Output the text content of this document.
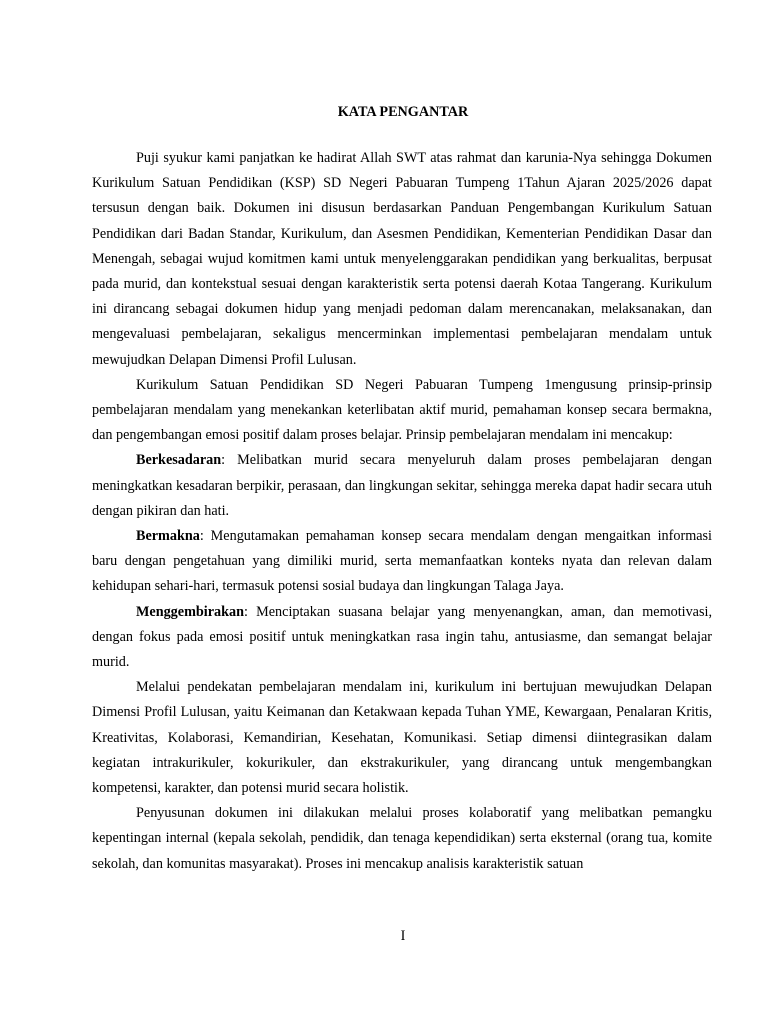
KATA PENGANTAR

Puji syukur kami panjatkan ke hadirat Allah SWT atas rahmat dan karunia-Nya sehingga Dokumen Kurikulum Satuan Pendidikan (KSP) SD Negeri Pabuaran Tumpeng 1Tahun Ajaran 2025/2026 dapat tersusun dengan baik. Dokumen ini disusun berdasarkan Panduan Pengembangan Kurikulum Satuan Pendidikan dari Badan Standar, Kurikulum, dan Asesmen Pendidikan, Kementerian Pendidikan Dasar dan Menengah, sebagai wujud komitmen kami untuk menyelenggarakan pendidikan yang berkualitas, berpusat pada murid, dan kontekstual sesuai dengan karakteristik serta potensi daerah Kotaa Tangerang. Kurikulum ini dirancang sebagai dokumen hidup yang menjadi pedoman dalam merencanakan, melaksanakan, dan mengevaluasi pembelajaran, sekaligus mencerminkan implementasi pembelajaran mendalam untuk mewujudkan Delapan Dimensi Profil Lulusan.

Kurikulum Satuan Pendidikan SD Negeri Pabuaran Tumpeng 1mengusung prinsip-prinsip pembelajaran mendalam yang menekankan keterlibatan aktif murid, pemahaman konsep secara bermakna, dan pengembangan emosi positif dalam proses belajar. Prinsip pembelajaran mendalam ini mencakup:

Berkesadaran: Melibatkan murid secara menyeluruh dalam proses pembelajaran dengan meningkatkan kesadaran berpikir, perasaan, dan lingkungan sekitar, sehingga mereka dapat hadir secara utuh dengan pikiran dan hati.

Bermakna: Mengutamakan pemahaman konsep secara mendalam dengan mengaitkan informasi baru dengan pengetahuan yang dimiliki murid, serta memanfaatkan konteks nyata dan relevan dalam kehidupan sehari-hari, termasuk potensi sosial budaya dan lingkungan Talaga Jaya.

Menggembirakan: Menciptakan suasana belajar yang menyenangkan, aman, dan memotivasi, dengan fokus pada emosi positif untuk meningkatkan rasa ingin tahu, antusiasme, dan semangat belajar murid.

Melalui pendekatan pembelajaran mendalam ini, kurikulum ini bertujuan mewujudkan Delapan Dimensi Profil Lulusan, yaitu Keimanan dan Ketakwaan kepada Tuhan YME, Kewargaan, Penalaran Kritis, Kreativitas, Kolaborasi, Kemandirian, Kesehatan, Komunikasi. Setiap dimensi diintegrasikan dalam kegiatan intrakurikuler, kokurikuler, dan ekstrakurikuler, yang dirancang untuk mengembangkan kompetensi, karakter, dan potensi murid secara holistik.

Penyusunan dokumen ini dilakukan melalui proses kolaboratif yang melibatkan pemangku kepentingan internal (kepala sekolah, pendidik, dan tenaga kependidikan) serta eksternal (orang tua, komite sekolah, dan komunitas masyarakat). Proses ini mencakup analisis karakteristik satuan

I
